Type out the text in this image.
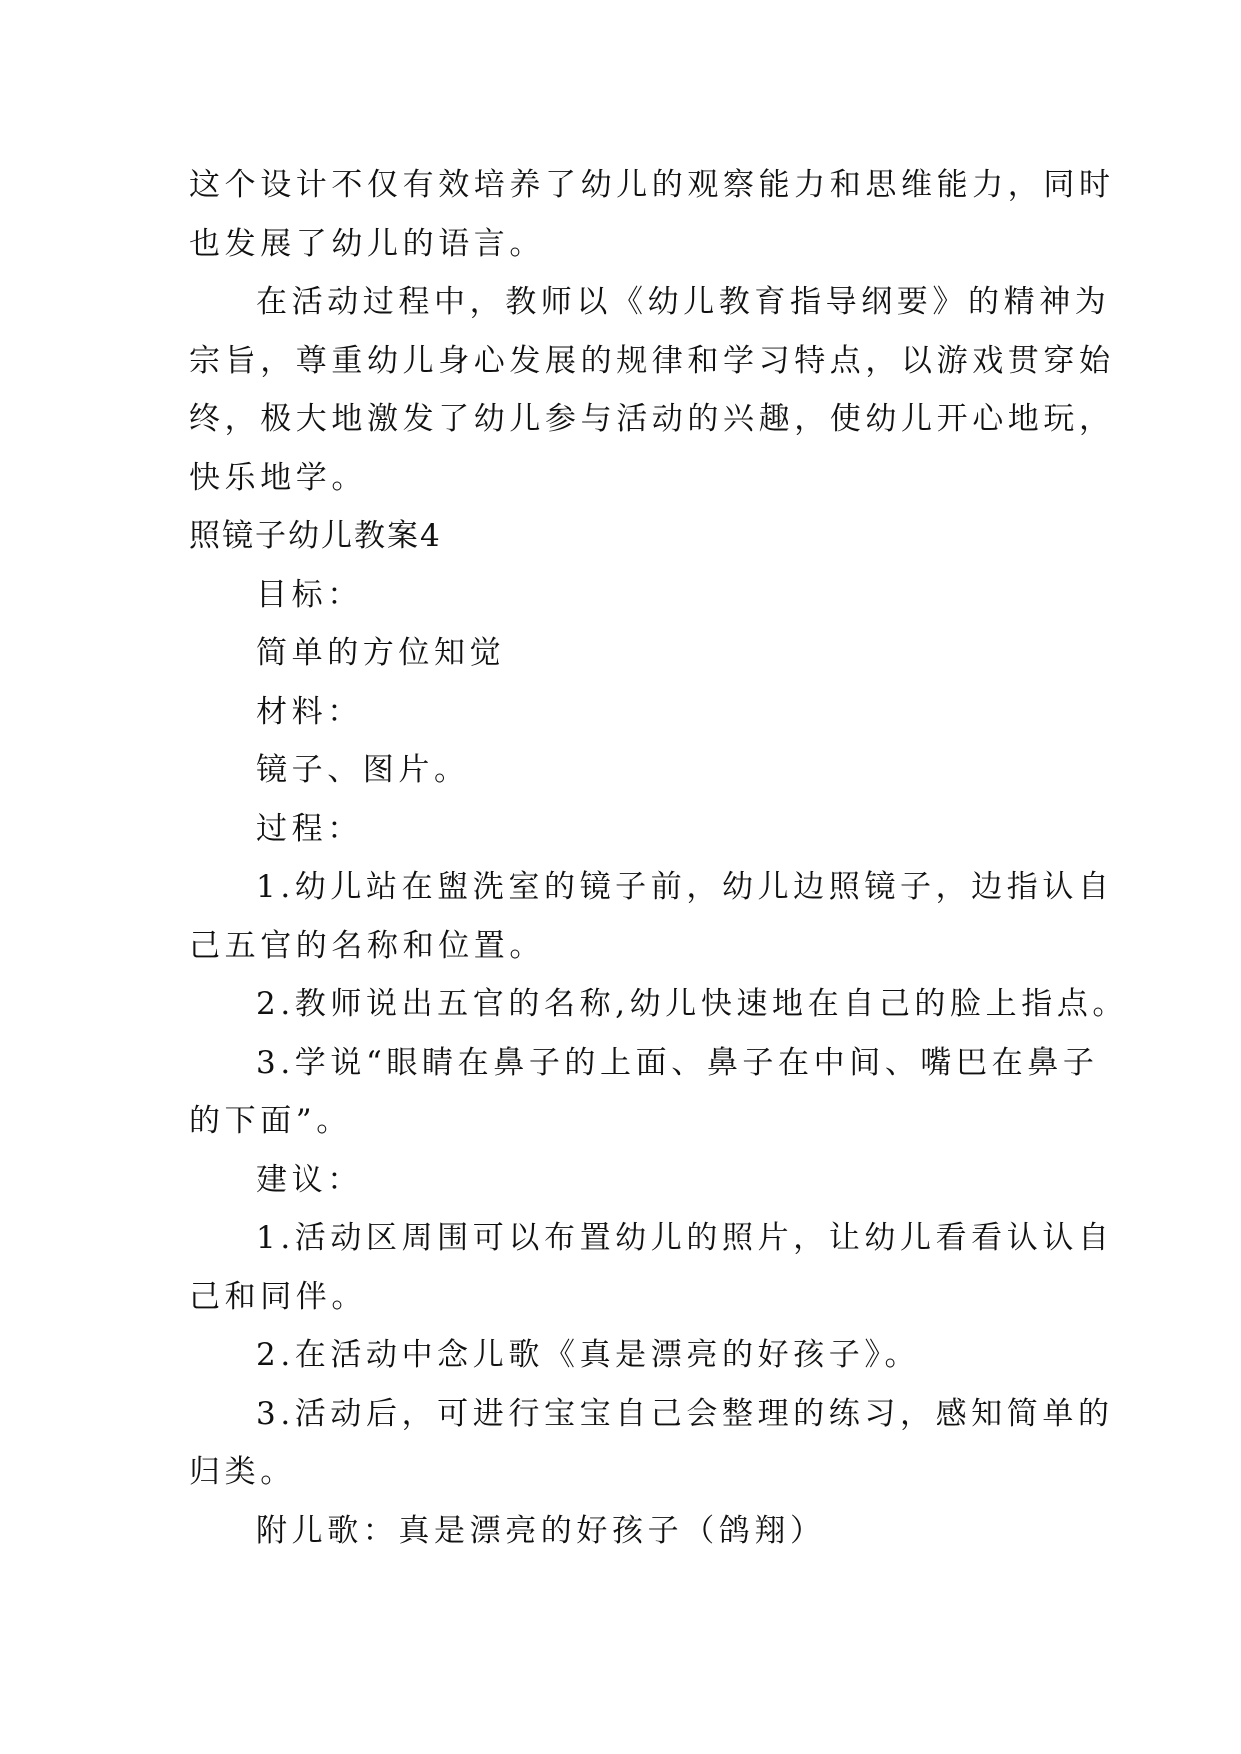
这个设计不仅有效培养了幼儿的观察能力和思维能力，同时

也发展了幼儿的语言。

在活动过程中，教师以《幼儿教育指导纲要》的精神为

宗旨，尊重幼儿身心发展的规律和学习特点，以游戏贯穿始

终，极大地激发了幼儿参与活动的兴趣，使幼儿开心地玩，

快乐地学。

照镜子幼儿教案4

目标：

简单的方位知觉

材料：

镜子、图片。

过程：

1.幼儿站在盥洗室的镜子前，幼儿边照镜子，边指认自

己五官的名称和位置。

2.教师说出五官的名称,幼儿快速地在自己的脸上指点。

3.学说“眼睛在鼻子的上面、鼻子在中间、嘴巴在鼻子

的下面”。

建议：

1.活动区周围可以布置幼儿的照片，让幼儿看看认认自

己和同伴。

2.在活动中念儿歌《真是漂亮的好孩子》。

3.活动后，可进行宝宝自己会整理的练习，感知简单的

归类。

附儿歌：真是漂亮的好孩子（鸽翔）
